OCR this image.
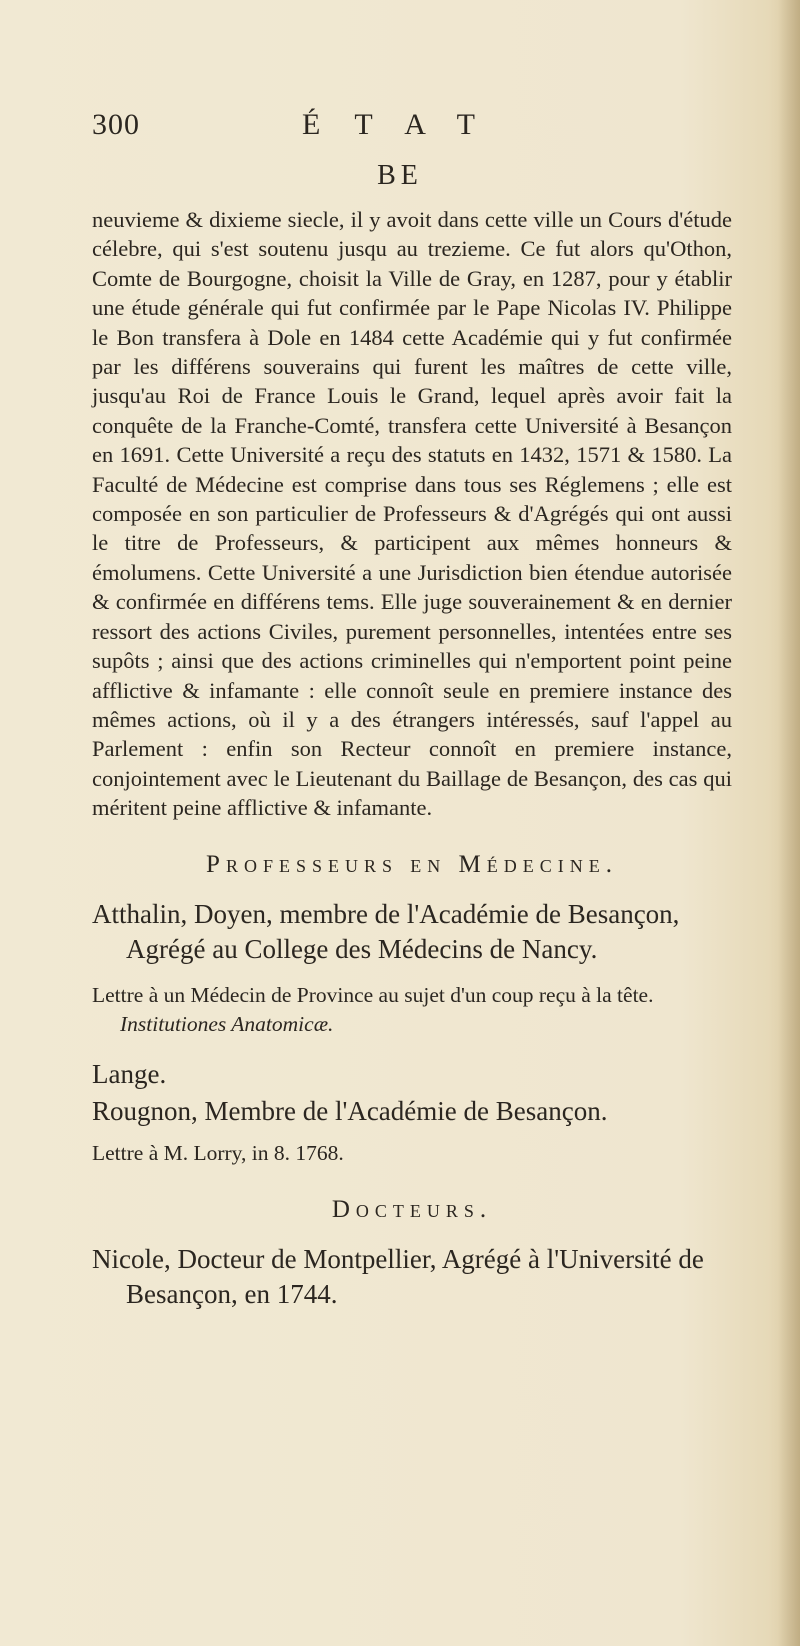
300	ÉTAT
BE

neuvieme & dixieme siecle, il y avoit dans cette ville un Cours d'étude célebre, qui s'est soutenu jusqu au trezieme. Ce fut alors qu'Othon, Comte de Bourgogne, choisit la Ville de Gray, en 1287, pour y établir une étude générale qui fut confirmée par le Pape Nicolas IV. Philippe le Bon transfera à Dole en 1484 cette Académie qui y fut confirmée par les différens souverains qui furent les maîtres de cette ville, jusqu'au Roi de France Louis le Grand, lequel après avoir fait la conquête de la Franche-Comté, transfera cette Université à Besançon en 1691. Cette Université a reçu des statuts en 1432, 1571 & 1580. La Faculté de Médecine est comprise dans tous ses Réglemens ; elle est composée en son particulier de Professeurs & d'Agrégés qui ont aussi le titre de Professeurs, & participent aux mêmes honneurs & émolumens. Cette Université a une Jurisdiction bien étendue autorisée & confirmée en différens tems. Elle juge souverainement & en dernier ressort des actions Civiles, purement personnelles, intentées entre ses supôts ; ainsi que des actions criminelles qui n'emportent point peine afflictive & infamante : elle connoît seule en premiere instance des mêmes actions, où il y a des étrangers intéressés, sauf l'appel au Parlement : enfin son Recteur connoît en premiere instance, conjointement avec le Lieutenant du Baillage de Besançon, des cas qui méritent peine afflictive & infamante.

Professeurs en Médecine.
Atthalin, Doyen, membre de l'Académie de Besançon, Agrégé au College des Médecins de Nancy.
Lettre à un Médecin de Province au sujet d'un coup reçu à la tête. Institutiones Anatomicæ.
Lange.
Rougnon, Membre de l'Académie de Besançon.
Lettre à M. Lorry, in 8. 1768.
Docteurs.
Nicole, Docteur de Montpellier, Agrégé à l'Université de Besançon, en 1744.
